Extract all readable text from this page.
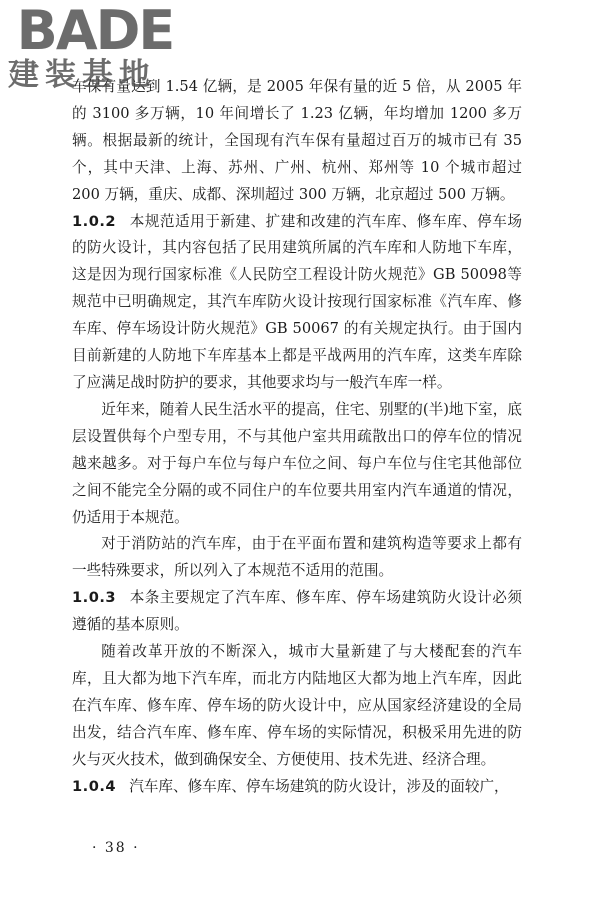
BADE
建装基地

车保有量达到 1.54 亿辆，是 2005 年保有量的近 5 倍，从 2005 年的 3100 多万辆，10 年间增长了 1.23 亿辆，年均增加 1200 多万辆。根据最新的统计，全国现有汽车保有量超过百万的城市已有 35 个，其中天津、上海、苏州、广州、杭州、郑州等 10 个城市超过 200 万辆，重庆、成都、深圳超过 300 万辆，北京超过 500 万辆。

1.0.2 本规范适用于新建、扩建和改建的汽车库、修车库、停车场的防火设计，其内容包括了民用建筑所属的汽车库和人防地下车库，这是因为现行国家标准《人民防空工程设计防火规范》GB 50098等规范中已明确规定，其汽车库防火设计按现行国家标准《汽车库、修车库、停车场设计防火规范》GB 50067 的有关规定执行。由于国内目前新建的人防地下车库基本上都是平战两用的汽车库，这类车库除了应满足战时防护的要求，其他要求均与一般汽车库一样。

近年来，随着人民生活水平的提高，住宅、别墅的(半)地下室，底层设置供每个户型专用，不与其他户室共用疏散出口的停车位的情况越来越多。对于每户车位与每户车位之间、每户车位与住宅其他部位之间不能完全分隔的或不同住户的车位要共用室内汽车通道的情况，仍适用于本规范。

对于消防站的汽车库，由于在平面布置和建筑构造等要求上都有一些特殊要求，所以列入了本规范不适用的范围。

1.0.3 本条主要规定了汽车库、修车库、停车场建筑防火设计必须遵循的基本原则。

随着改革开放的不断深入，城市大量新建了与大楼配套的汽车库，且大都为地下汽车库，而北方内陆地区大都为地上汽车库，因此在汽车库、修车库、停车场的防火设计中，应从国家经济建设的全局出发，结合汽车库、修车库、停车场的实际情况，积极采用先进的防火与灭火技术，做到确保安全、方便使用、技术先进、经济合理。

1.0.4 汽车库、修车库、停车场建筑的防火设计，涉及的面较广，

· 38 ·
